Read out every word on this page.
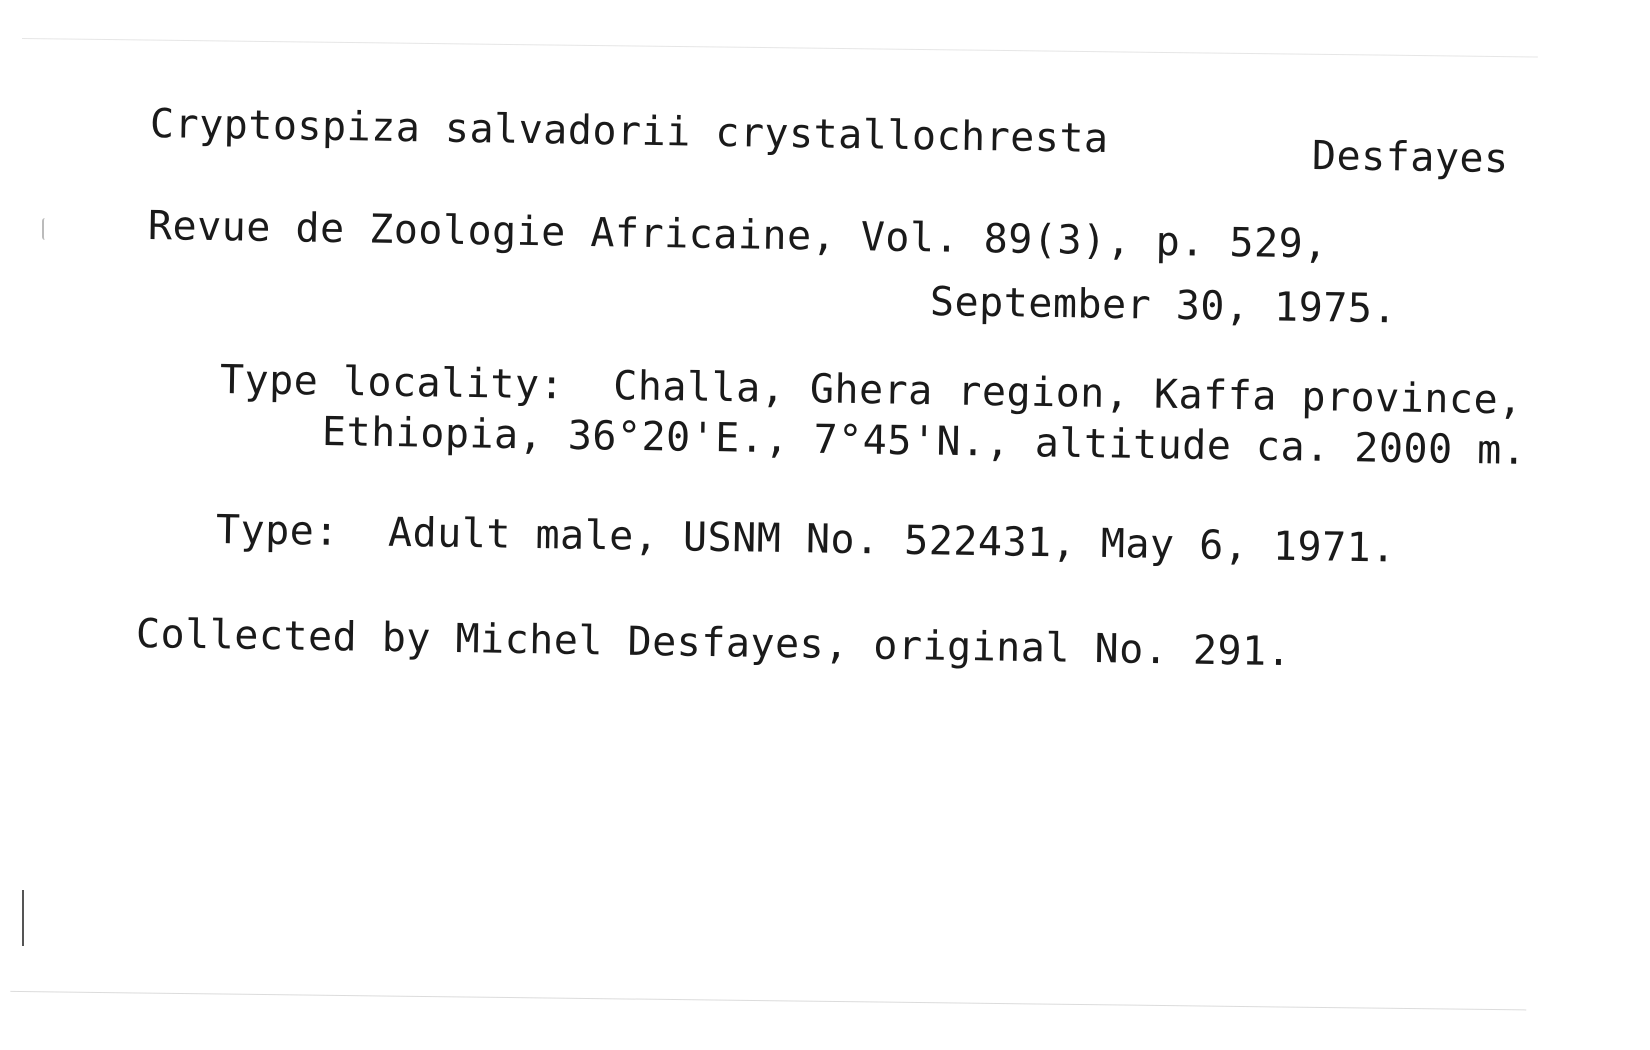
Cryptospiza salvadorii crystallochresta	Desfayes
Revue de Zoologie Africaine, Vol. 89(3), p. 529,
September 30, 1975.
Type locality:  Challa, Ghera region, Kaffa province,
Ethiopia, 36°20'E., 7°45'N., altitude ca. 2000 m.
Type:  Adult male, USNM No. 522431, May 6, 1971.
Collected by Michel Desfayes, original No. 291.
